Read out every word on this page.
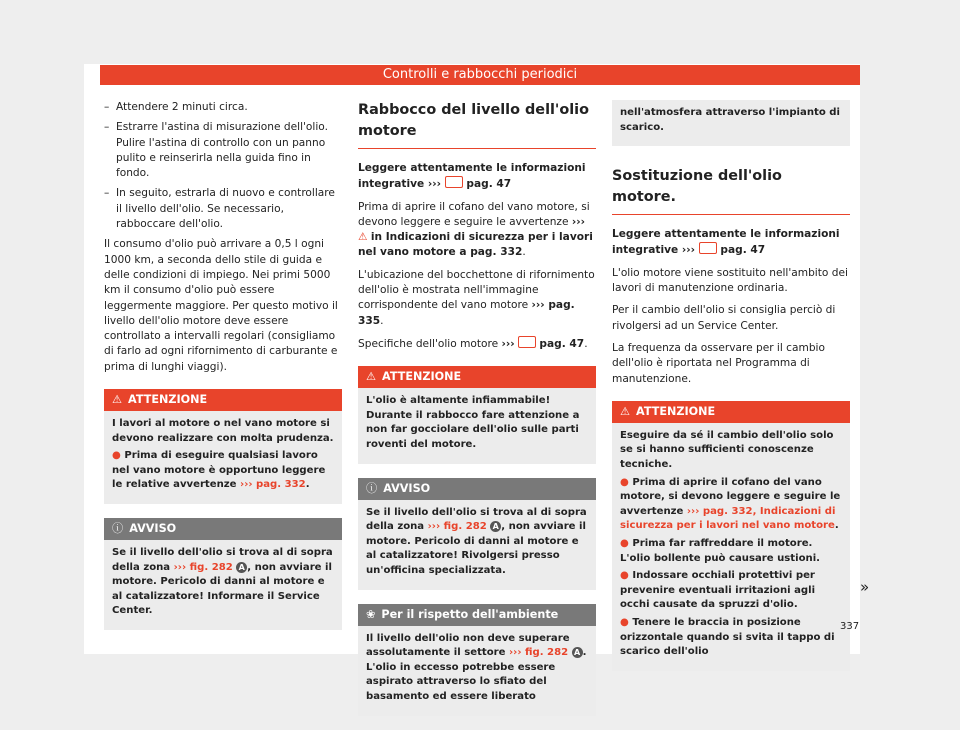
Controlli e rabbocchi periodici

– Attendere 2 minuti circa.

– Estrarre l'astina di misurazione dell'olio. Pulire l'astina di controllo con un panno pulito e reinserirla nella guida fino in fondo.

– In seguito, estrarla di nuovo e controllare il livello dell'olio. Se necessario, rabboccare dell'olio.

Il consumo d'olio può arrivare a 0,5 l ogni 1000 km, a seconda dello stile di guida e delle condizioni di impiego. Nei primi 5000 km il consumo d'olio può essere leggermente maggiore. Per questo motivo il livello dell'olio motore deve essere controllato a intervalli regolari (consigliamo di farlo ad ogni rifornimento di carburante e prima di lunghi viaggi).

⚠ ATTENZIONE

I lavori al motore o nel vano motore si devono realizzare con molta prudenza.

● Prima di eseguire qualsiasi lavoro nel vano motore è opportuno leggere le relative avvertenze ››› pag. 332.

ⓘ AVVISO

Se il livello dell'olio si trova al di sopra della zona ››› fig. 282 A , non avviare il motore. Pericolo di danni al motore e al catalizzatore! Informare il Service Center.

Rabbocco del livello dell'olio motore

Leggere attentamente le informazioni integrative ››› pag. 47

Prima di aprire il cofano del vano motore, si devono leggere e seguire le avvertenze ››› ⚠ in Indicazioni di sicurezza per i lavori nel vano motore a pag. 332.

L'ubicazione del bocchettone di rifornimento dell'olio è mostrata nell'immagine corrispondente del vano motore ››› pag. 335.

Specifiche dell'olio motore ››› pag. 47.

⚠ ATTENZIONE

L'olio è altamente infiammabile! Durante il rabbocco fare attenzione a non far gocciolare dell'olio sulle parti roventi del motore.

ⓘ AVVISO

Se il livello dell'olio si trova al di sopra della zona ››› fig. 282 A , non avviare il motore. Pericolo di danni al motore e al catalizzatore! Rivolgersi presso un'officina specializzata.

❀ Per il rispetto dell'ambiente

Il livello dell'olio non deve superare assolutamente il settore ››› fig. 282 A . L'olio in eccesso potrebbe essere aspirato attraverso lo sfiato del basamento ed essere liberato

nell'atmosfera attraverso l'impianto di scarico.

Sostituzione dell'olio motore.

Leggere attentamente le informazioni integrative ››› pag. 47

L'olio motore viene sostituito nell'ambito dei lavori di manutenzione ordinaria.

Per il cambio dell'olio si consiglia perciò di rivolgersi ad un Service Center.

La frequenza da osservare per il cambio dell'olio è riportata nel Programma di manutenzione.

⚠ ATTENZIONE

Eseguire da sé il cambio dell'olio solo se si hanno sufficienti conoscenze tecniche.

● Prima di aprire il cofano del vano motore, si devono leggere e seguire le avvertenze ››› pag. 332, Indicazioni di sicurezza per i lavori nel vano motore.

● Prima far raffreddare il motore. L'olio bollente può causare ustioni.

● Indossare occhiali protettivi per prevenire eventuali irritazioni agli occhi causate da spruzzi d'olio.

● Tenere le braccia in posizione orizzontale quando si svita il tappo di scarico dell'olio

»
337
